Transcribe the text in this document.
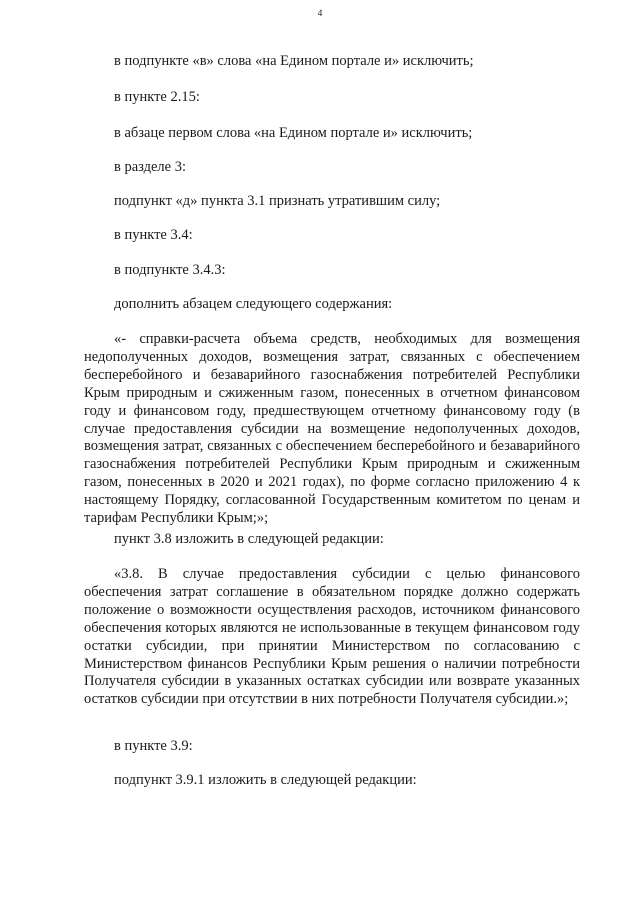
4
в подпункте «в» слова «на Едином портале и» исключить;
в пункте 2.15:
в абзаце первом слова «на Едином портале и» исключить;
в разделе 3:
подпункт «д» пункта 3.1 признать утратившим силу;
в пункте 3.4:
в подпункте 3.4.3:
дополнить абзацем следующего содержания:
«- справки-расчета объема средств, необходимых для возмещения недополученных доходов, возмещения затрат, связанных с обеспечением бесперебойного и безаварийного газоснабжения потребителей Республики Крым природным и сжиженным газом, понесенных в отчетном финансовом году и финансовом году, предшествующем отчетному финансовому году (в случае предоставления субсидии на возмещение недополученных доходов, возмещения затрат, связанных с обеспечением бесперебойного и безаварийного газоснабжения потребителей Республики Крым природным и сжиженным газом, понесенных в 2020 и 2021 годах), по форме согласно приложению 4 к настоящему Порядку, согласованной Государственным комитетом по ценам и тарифам Республики Крым;»;
пункт 3.8 изложить в следующей редакции:
«3.8. В случае предоставления субсидии с целью финансового обеспечения затрат соглашение в обязательном порядке должно содержать положение о возможности осуществления расходов, источником финансового обеспечения которых являются не использованные в текущем финансовом году остатки субсидии, при принятии Министерством по согласованию с Министерством финансов Республики Крым решения о наличии потребности Получателя субсидии в указанных остатках субсидии или возврате указанных остатков субсидии при отсутствии в них потребности Получателя субсидии.»;
в пункте 3.9:
подпункт 3.9.1 изложить в следующей редакции:
